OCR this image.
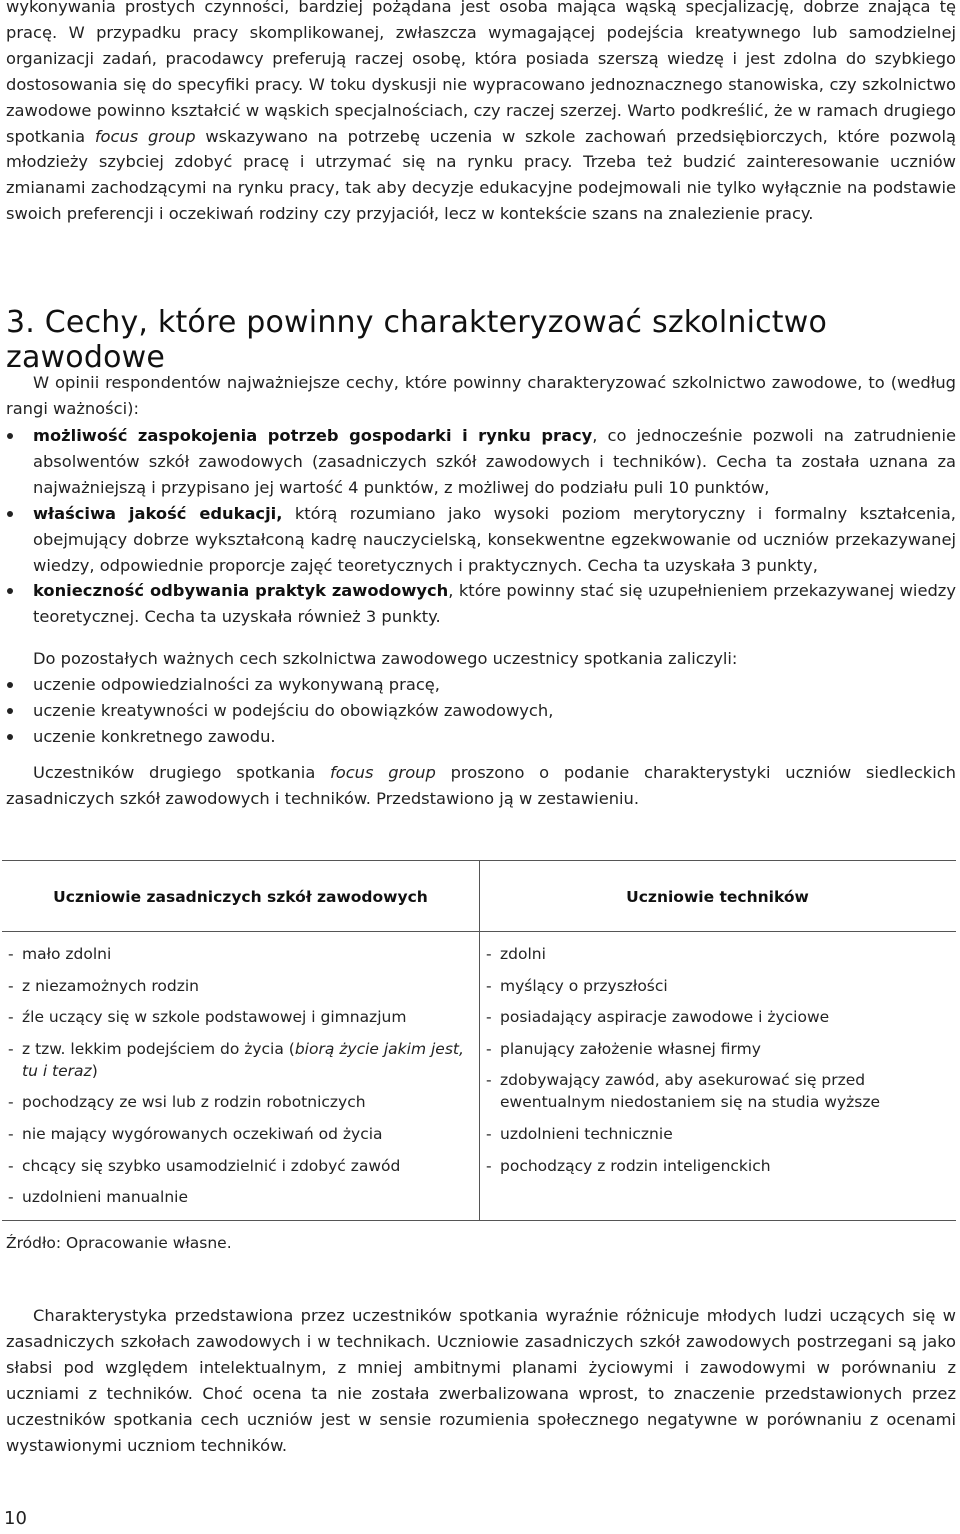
wykonywania prostych czynności, bardziej pożądana jest osoba mająca wąską specjalizację, dobrze znająca tę pracę. W przypadku pracy skomplikowanej, zwłaszcza wymagającej podejścia kreatywnego lub samodzielnej organizacji zadań, pracodawcy preferują raczej osobę, która posiada szerszą wiedzę i jest zdolna do szybkiego dostosowania się do specyfiki pracy. W toku dyskusji nie wypracowano jednoznacznego stanowiska, czy szkolnictwo zawodowe powinno kształcić w wąskich specjalnościach, czy raczej szerzej. Warto podkreślić, że w ramach drugiego spotkania focus group wskazywano na potrzebę uczenia w szkole zachowań przedsiębiorczych, które pozwolą młodzieży szybciej zdobyć pracę i utrzymać się na rynku pracy. Trzeba też budzić zainteresowanie uczniów zmianami zachodzącymi na rynku pracy, tak aby decyzje edukacyjne podejmowali nie tylko wyłącznie na podstawie swoich preferencji i oczekiwań rodziny czy przyjaciół, lecz w kontekście szans na znalezienie pracy.

3. Cechy, które powinny charakteryzować szkolnictwo zawodowe

W opinii respondentów najważniejsze cechy, które powinny charakteryzować szkolnictwo zawodowe, to (według rangi ważności):

możliwość zaspokojenia potrzeb gospodarki i rynku pracy, co jednocześnie pozwoli na zatrudnienie absolwentów szkół zawodowych (zasadniczych szkół zawodowych i techników). Cecha ta została uznana za najważniejszą i przypisano jej wartość 4 punktów, z możliwej do podziału puli 10 punktów,
właściwa jakość edukacji, którą rozumiano jako wysoki poziom merytoryczny i formalny kształcenia, obejmujący dobrze wykształconą kadrę nauczycielską, konsekwentne egzekwowanie od uczniów przekazywanej wiedzy, odpowiednie proporcje zajęć teoretycznych i praktycznych. Cecha ta uzyskała 3 punkty,
konieczność odbywania praktyk zawodowych, które powinny stać się uzupełnieniem przekazywanej wiedzy teoretycznej. Cecha ta uzyskała również 3 punkty.

Do pozostałych ważnych cech szkolnictwa zawodowego uczestnicy spotkania zaliczyli:

uczenie odpowiedzialności za wykonywaną pracę,
uczenie kreatywności w podejściu do obowiązków zawodowych,
uczenie konkretnego zawodu.

Uczestników drugiego spotkania focus group proszono o podanie charakterystyki uczniów siedleckich zasadniczych szkół zawodowych i techników. Przedstawiono ją w zestawieniu.

Uczniowie zasadniczych szkół zawodowych	Uczniowie techników
- mało zdolni
- z niezamożnych rodzin
- źle uczący się w szkole podstawowej i gimnazjum
- z tzw. lekkim podejściem do życia (biorą życie jakim jest, tu i teraz)
- pochodzący ze wsi lub z rodzin robotniczych
- nie mający wygórowanych oczekiwań od życia
- chcący się szybko usamodzielnić i zdobyć zawód
- uzdolnieni manualnie
- zdolni
- myślący o przyszłości
- posiadający aspiracje zawodowe i życiowe
- planujący założenie własnej firmy
- zdobywający zawód, aby asekurować się przed ewentualnym niedostaniem się na studia wyższe
- uzdolnieni technicznie
- pochodzący z rodzin inteligenckich
Źródło: Opracowanie własne.

Charakterystyka przedstawiona przez uczestników spotkania wyraźnie różnicuje młodych ludzi uczących się w zasadniczych szkołach zawodowych i w technikach. Uczniowie zasadniczych szkół zawodowych postrzegani są jako słabsi pod względem intelektualnym, z mniej ambitnymi planami życiowymi i zawodowymi w porównaniu z uczniami z techników. Choć ocena ta nie została zwerbalizowana wprost, to znaczenie przedstawionych przez uczestników spotkania cech uczniów jest w sensie rozumienia społecznego negatywne w porównaniu z ocenami wystawionymi uczniom techników.

10
